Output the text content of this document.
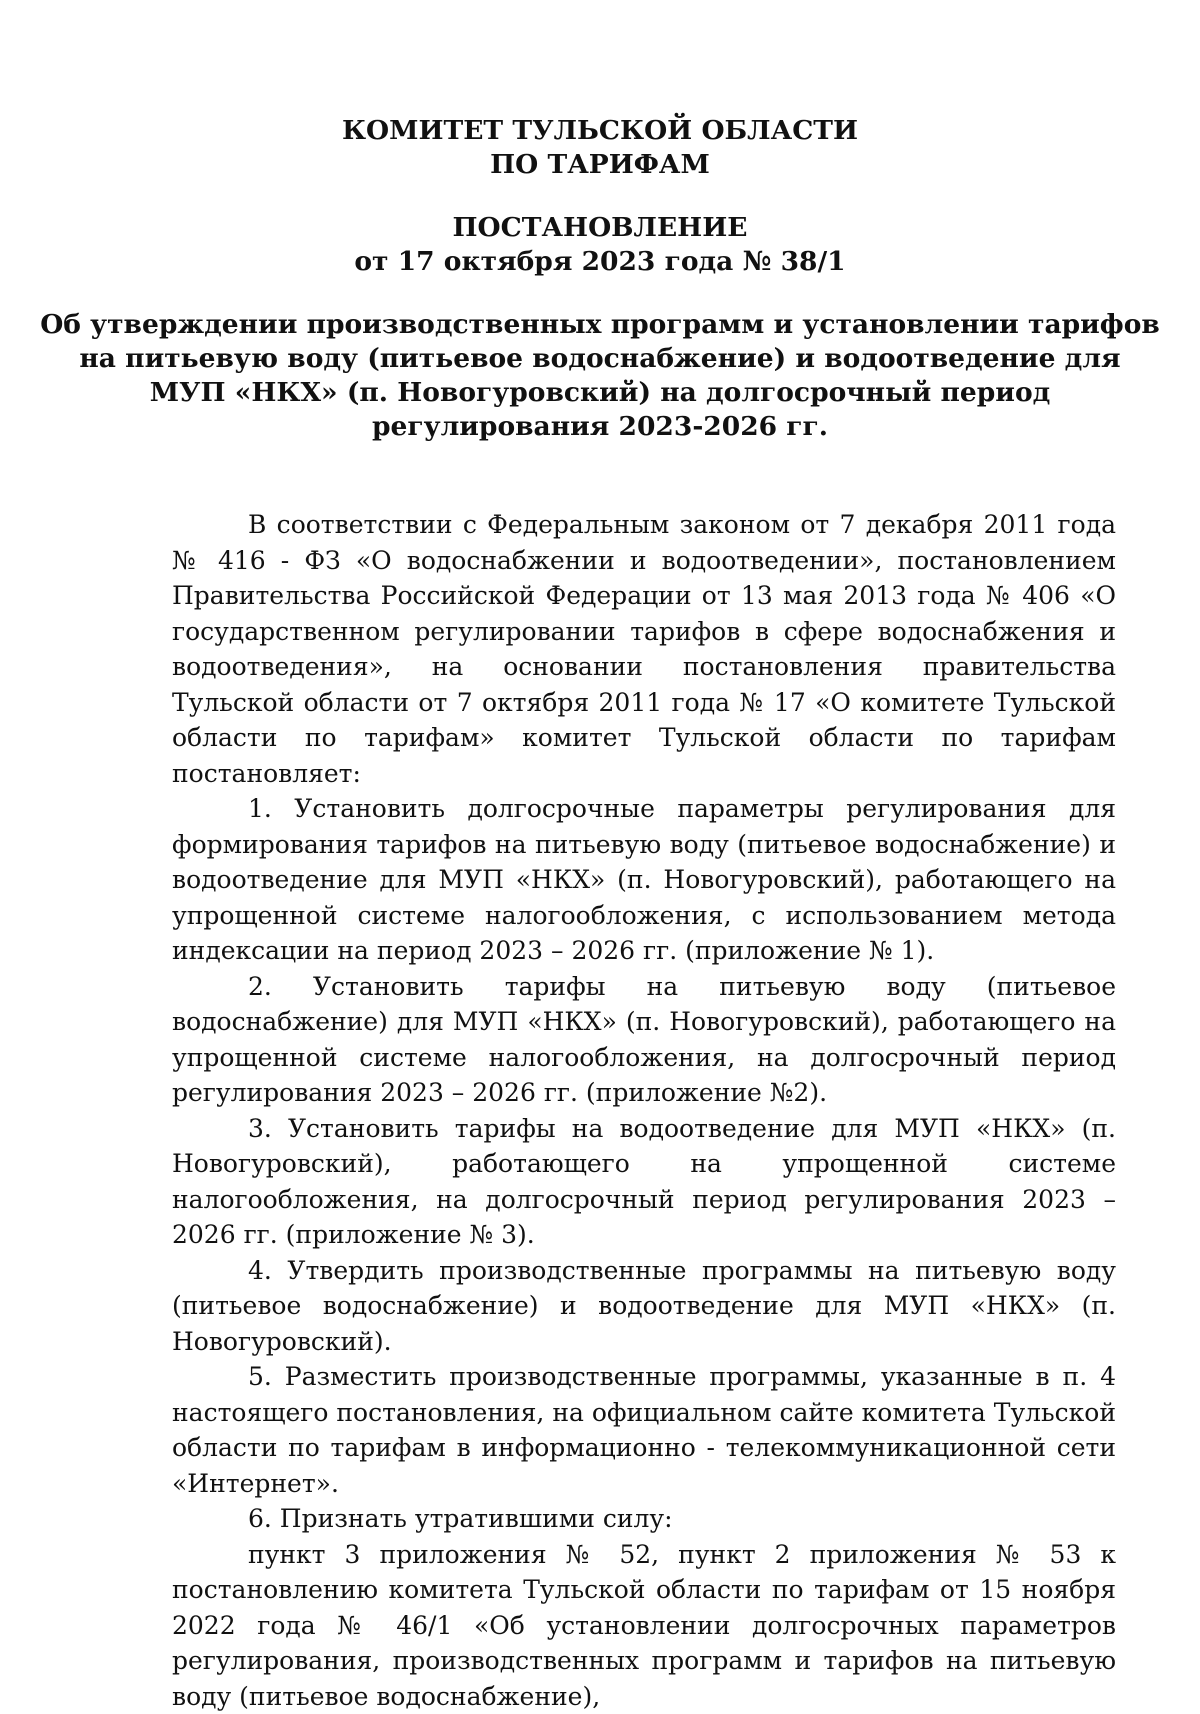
КОМИТЕТ ТУЛЬСКОЙ ОБЛАСТИ
ПО ТАРИФАМ
ПОСТАНОВЛЕНИЕ
от 17 октября 2023 года № 38/1
Об утверждении производственных программ и установлении тарифов
на питьевую воду (питьевое водоснабжение) и водоотведение для
МУП «НКХ» (п. Новогуровский) на долгосрочный период
регулирования 2023-2026 гг.

В соответствии с Федеральным законом от 7 декабря 2011 года № 416 - ФЗ «О водоснабжении и водоотведении», постановлением Правительства Российской Федерации от 13 мая 2013 года № 406 «О государственном регулировании тарифов в сфере водоснабжения и водоотведения», на основании постановления правительства Тульской области от 7 октября 2011 года № 17 «О комитете Тульской области по тарифам» комитет Тульской области по тарифам постановляет:

1. Установить долгосрочные параметры регулирования для формирования тарифов на питьевую воду (питьевое водоснабжение) и водоотведение для МУП «НКХ» (п. Новогуровский), работающего на упрощенной системе налогообложения, с использованием метода индексации на период 2023 – 2026 гг. (приложение № 1).

2. Установить тарифы на питьевую воду (питьевое водоснабжение) для МУП «НКХ» (п. Новогуровский), работающего на упрощенной системе налогообложения, на долгосрочный период регулирования 2023 – 2026 гг. (приложение №2).

3. Установить тарифы на водоотведение для МУП «НКХ» (п. Новогуровский), работающего на упрощенной системе налогообложения, на долгосрочный период регулирования 2023 – 2026 гг. (приложение № 3).

4. Утвердить производственные программы на питьевую воду (питьевое водоснабжение) и водоотведение для МУП «НКХ» (п. Новогуровский).

5. Разместить производственные программы, указанные в п. 4 настоящего постановления, на официальном сайте комитета Тульской области по тарифам в информационно - телекоммуникационной сети «Интернет».

6. Признать утратившими силу:

пункт 3 приложения № 52, пункт 2 приложения № 53 к постановлению комитета Тульской области по тарифам от 15 ноября 2022 года № 46/1 «Об установлении долгосрочных параметров регулирования, производственных программ и тарифов на питьевую воду (питьевое водоснабжение),
